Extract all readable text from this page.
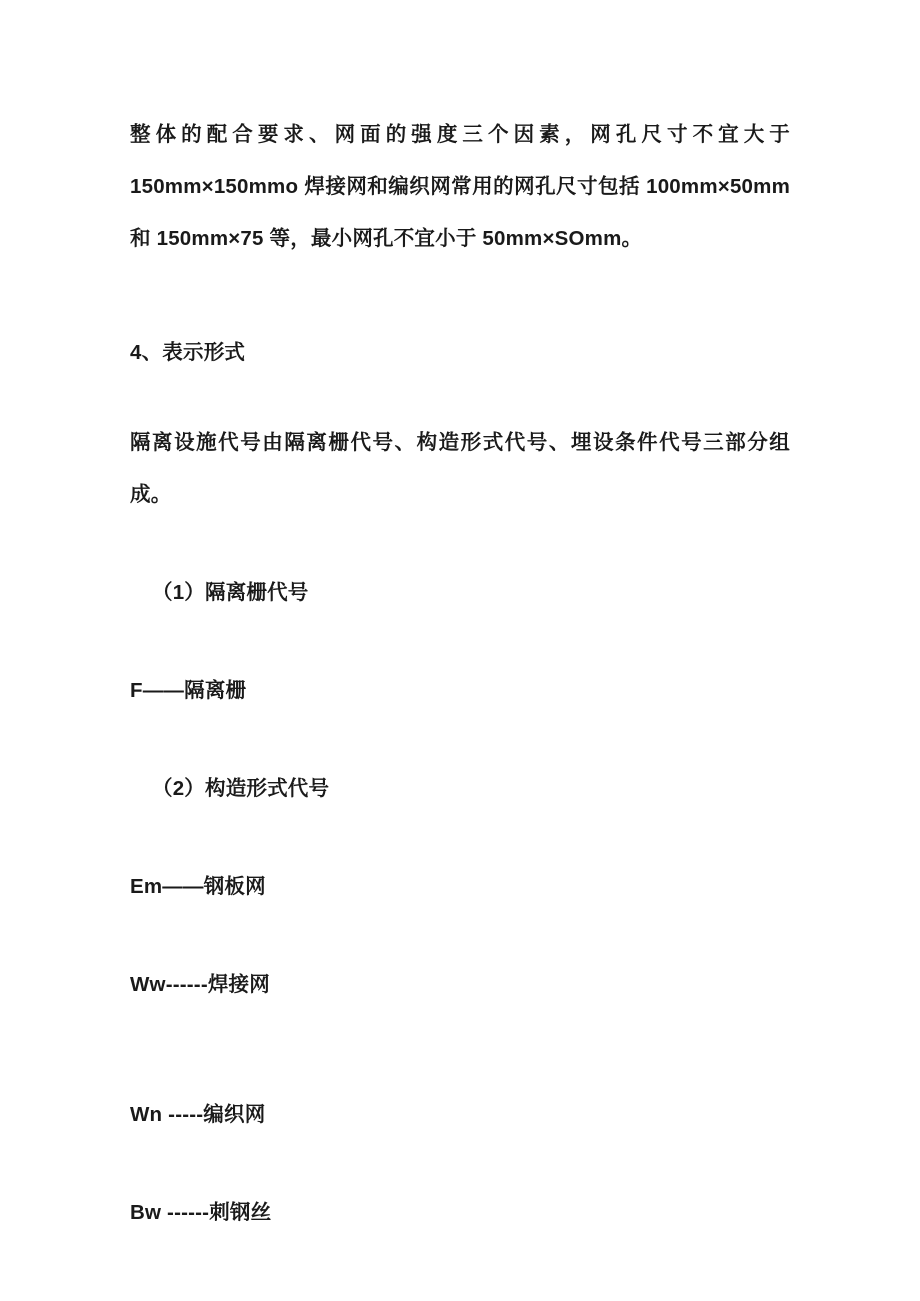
整体的配合要求、网面的强度三个因素，网孔尺寸不宜大于 150mm×150mmo 焊接网和编织网常用的网孔尺寸包括 100mm×50mm 和 150mm×75 等，最小网孔不宜小于 50mm×SOmm。

4、表示形式

隔离设施代号由隔离栅代号、构造形式代号、埋设条件代号三部分组成。

（1）隔离栅代号

F——隔离栅

（2）构造形式代号

Em——钢板网

Ww------焊接网

Wn -----编织网

Bw ------刺钢丝
